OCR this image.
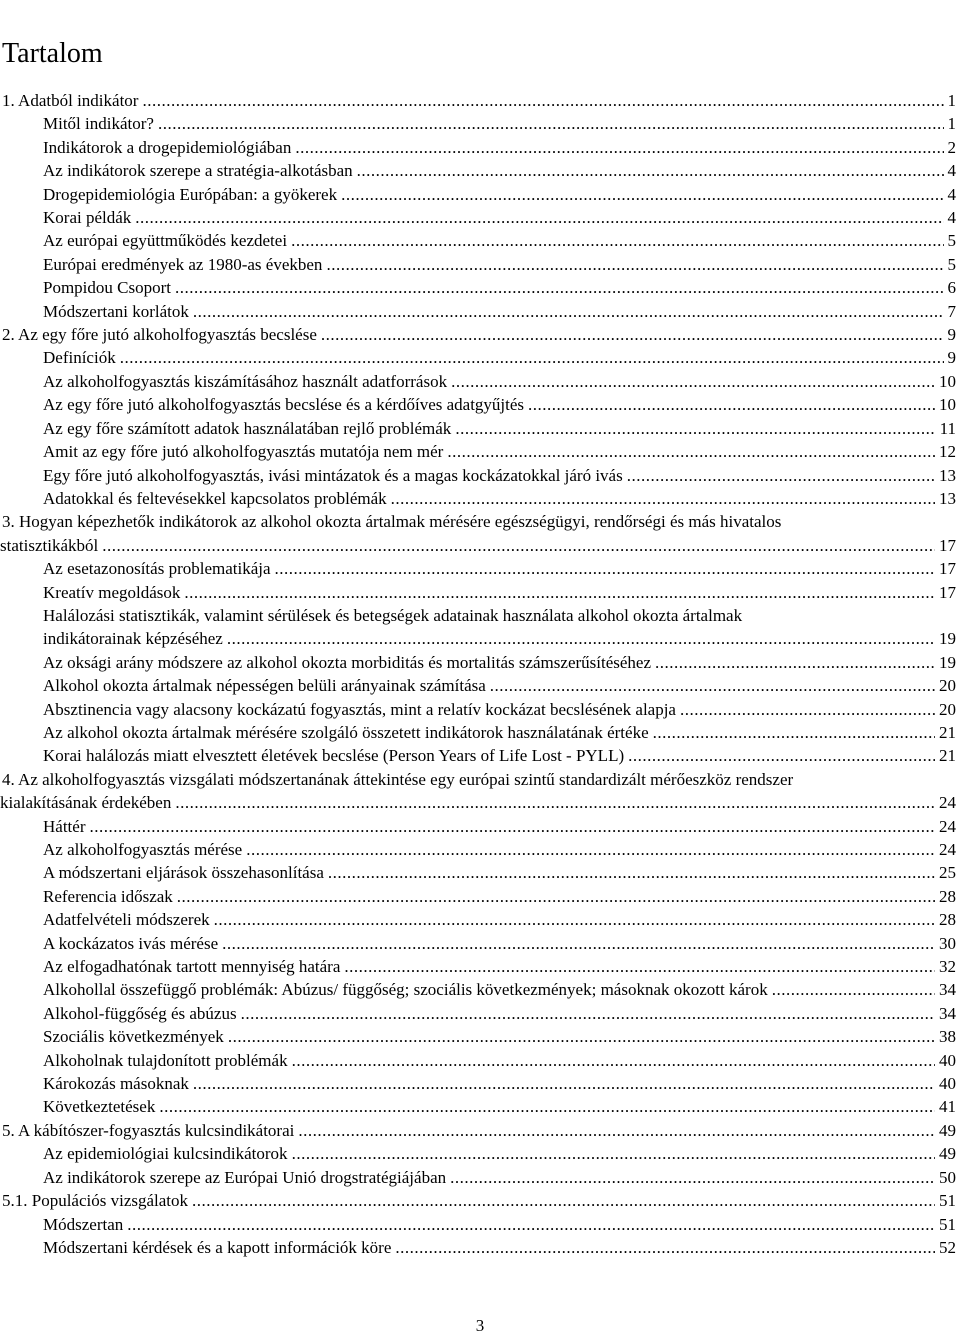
Tartalom
1. Adatból indikátor .....	1
Mitől indikátor? .....	1
Indikátorok a drogepidemiológiában .....	2
Az indikátorok szerepe a stratégia-alkotásban .....	4
Drogepidemiológia Európában: a gyökerek .....	4
Korai példák .....	4
Az európai együttműködés kezdetei .....	5
Európai eredmények az 1980-as években .....	5
Pompidou Csoport .....	6
Módszertani korlátok .....	7
2. Az egy főre jutó alkoholfogyasztás becslése .....	9
Definíciók .....	9
Az alkoholfogyasztás kiszámításához használt adatforrások .....	10
Az egy főre jutó alkoholfogyasztás becslése és a kérdőíves adatgyűjtés .....	10
Az egy főre számított adatok használatában rejlő problémák .....	11
Amit az egy főre jutó alkoholfogyasztás mutatója nem mér .....	12
Egy főre jutó alkoholfogyasztás, ivási mintázatok és a magas kockázatokkal járó ivás .....	13
Adatokkal és feltevésekkel kapcsolatos problémák .....	13
3. Hogyan képezhetők indikátorok az alkohol okozta ártalmak mérésére egészségügyi, rendőrségi és más hivatalos
statisztikákból .....	17
Az esetazonosítás problematikája .....	17
Kreatív megoldások .....	17
Halálozási statisztikák, valamint sérülések és betegségek adatainak használata alkohol okozta ártalmak
indikátorainak képzéséhez .....	19
Az oksági arány módszere az alkohol okozta morbiditás és mortalitás számszerűsítéséhez .....	19
Alkohol okozta ártalmak népességen belüli arányainak számítása .....	20
Absztinencia vagy alacsony kockázatú fogyasztás, mint a relatív kockázat becslésének alapja .....	20
Az alkohol okozta ártalmak mérésére szolgáló összetett indikátorok használatának értéke .....	21
Korai halálozás miatt elvesztett életévek becslése (Person Years of Life Lost - PYLL) .....	21
4. Az alkoholfogyasztás vizsgálati módszertanának áttekintése egy európai szintű standardizált mérőeszköz rendszer
kialakításának érdekében .....	24
Háttér .....	24
Az alkoholfogyasztás mérése .....	24
A módszertani eljárások összehasonlítása .....	25
Referencia időszak .....	28
Adatfelvételi módszerek .....	28
A kockázatos ivás mérése .....	30
Az elfogadhatónak tartott mennyiség határa .....	32
Alkohollal összefüggő problémák: Abúzus/ függőség; szociális következmények; másoknak okozott károk .....	34
Alkohol-függőség és abúzus .....	34
Szociális következmények .....	38
Alkoholnak tulajdonított problémák .....	40
Károkozás másoknak .....	40
Következtetések .....	41
5. A kábítószer-fogyasztás kulcsindikátorai .....	49
Az epidemiológiai kulcsindikátorok .....	49
Az indikátorok szerepe az Európai Unió drogstratégiájában .....	50
5.1. Populációs vizsgálatok .....	51
Módszertan .....	51
Módszertani kérdések és a kapott információk köre .....	52
3
